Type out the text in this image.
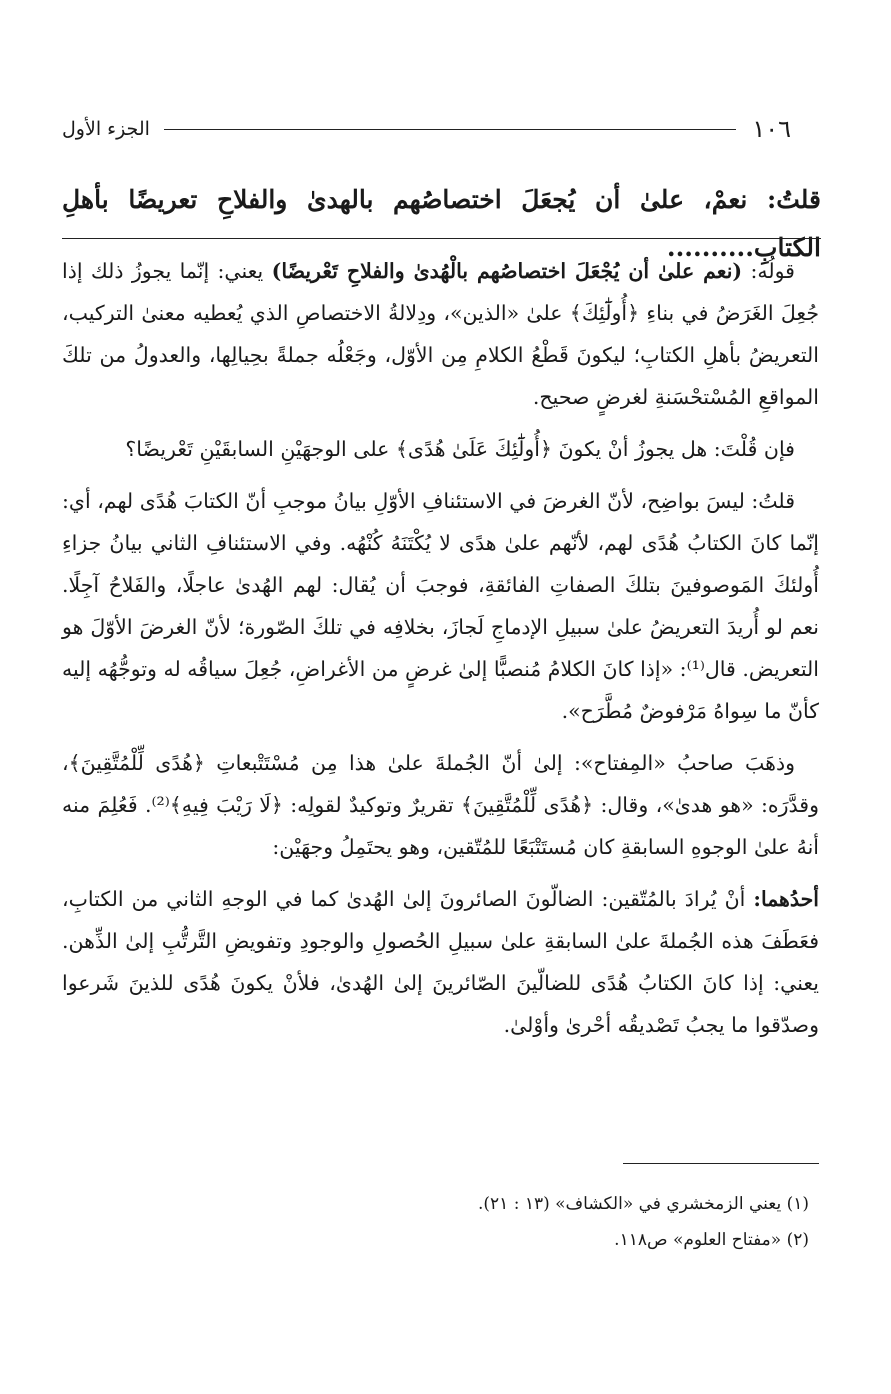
١٠٦
الجزء الأول
قلتُ: نعمْ، علىٰ أن يُجعَلَ اختصاصُهم بالهدىٰ والفلاحِ تعريضًا بأهلِ الكتابِ..........

قولُه: (نعم علىٰ أن يُجْعَلَ اختصاصُهم بالْهُدىٰ والفلاحِ تَعْريضًا) يعني: إنّما يجوزُ ذلك إذا جُعِلَ الغَرَضُ في بناءِ ﴿أُولَٰٓئِكَ﴾ علىٰ «الذين»، ودِلالةُ الاختصاصِ الذي يُعطيه معنىٰ التركيب، التعريضُ بأهلِ الكتابِ؛ ليكونَ قَطْعُ الكلامِ مِن الأوّل، وجَعْلُه جملةً بحِيالِها، والعدولُ من تلكَ المواقعِ المُسْتحْسَنةِ لغرضٍ صحيح.

فإن قُلْتَ: هل يجوزُ أنْ يكونَ ﴿أُولَٰٓئِكَ عَلَىٰ هُدًى﴾ على الوجهَيْنِ السابقَيْنِ تَعْريضًا؟

قلتُ: ليسَ بواضِح، لأنّ الغرضَ في الاستئنافِ الأوّلِ بيانُ موجبِ أنّ الكتابَ هُدًى لهم، أي: إنّما كانَ الكتابُ هُدًى لهم، لأنّهم علىٰ هدًى لا يُكْتَنَهُ كُنْهُه. وفي الاستئنافِ الثاني بيانُ جزاءِ أُولئكَ المَوصوفينَ بتلكَ الصفاتِ الفائقةِ، فوجبَ أن يُقال: لهم الهُدىٰ عاجلًا، والفَلاحُ آجِلًا. نعم لو أُريدَ التعريضُ علىٰ سبيلِ الإدماجِ لَجازَ، بخلافِه في تلكَ الصّورة؛ لأنّ الغرضَ الأوّلَ هو التعريض. قال⁽¹⁾: «إذا كانَ الكلامُ مُنصبًّا إلىٰ غرضٍ من الأغراضِ، جُعِلَ سياقُه له وتوجُّهُه إليه كأنّ ما سِواهُ مَرْفوضٌ مُطَّرَح».

وذهَبَ صاحبُ «المِفتاح»: إلىٰ أنّ الجُملةَ علىٰ هذا مِن مُسْتَتْبعاتِ ﴿هُدًى لِّلْمُتَّقِينَ﴾، وقدَّرَه: «هو هدىٰ»، وقال: ﴿هُدًى لِّلْمُتَّقِينَ﴾ تقريرٌ وتوكيدٌ لقولِه: ﴿لَا رَيْبَ فِيهِ﴾⁽²⁾. فَعُلِمَ منه أنهُ علىٰ الوجوهِ السابقةِ كان مُستَتْبَعًا للمُتّقين، وهو يحتَمِلُ وجهَيْن:

أحدُهما: أنْ يُرادَ بالمُتّقين: الضالّونَ الصائرونَ إلىٰ الهُدىٰ كما في الوجهِ الثاني من الكتابِ، فعَطَفَ هذه الجُملةَ علىٰ السابقةِ علىٰ سبيلِ الحُصولِ والوجودِ وتفويضِ التَّرتُّبِ إلىٰ الذِّهن. يعني: إذا كانَ الكتابُ هُدًى للضالّينَ الصّائرينَ إلىٰ الهُدىٰ، فلأنْ يكونَ هُدًى للذينَ شَرعوا وصدّقوا ما يجبُ تَصْديقُه أحْرىٰ وأوْلىٰ.

(١) يعني الزمخشري في «الكشاف» (١٣ : ٢١).
(٢) «مفتاح العلوم» ص١١٨.
